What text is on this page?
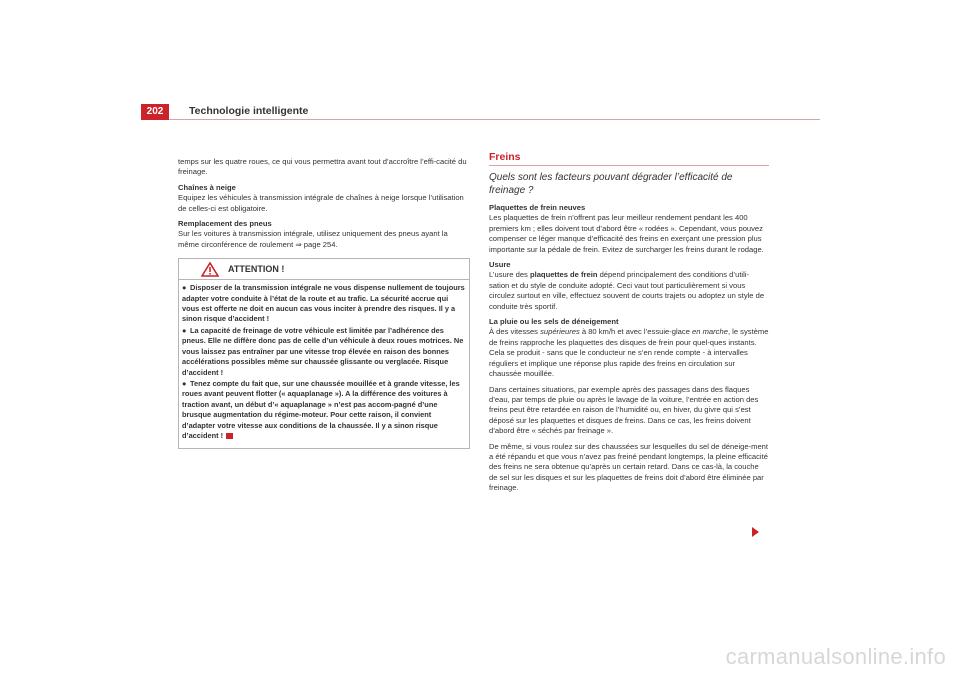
202	Technologie intelligente

temps sur les quatre roues, ce qui vous permettra avant tout d’accroître l’effi-cacité du freinage.

Chaînes à neige
Equipez les véhicules à transmission intégrale de chaînes à neige lorsque l’utilisation de celles-ci est obligatoire.

Remplacement des pneus
Sur les voitures à transmission intégrale, utilisez uniquement des pneus ayant la même circonférence de roulement ⇒ page 254.

ATTENTION !
● Disposer de la transmission intégrale ne vous dispense nullement de toujours adapter votre conduite à l’état de la route et au trafic. La sécurité accrue qui vous est offerte ne doit en aucun cas vous inciter à prendre des risques. Il y a sinon risque d’accident !
● La capacité de freinage de votre véhicule est limitée par l’adhérence des pneus. Elle ne diffère donc pas de celle d’un véhicule à deux roues motrices. Ne vous laissez pas entraîner par une vitesse trop élevée en raison des bonnes accélérations possibles même sur chaussée glissante ou verglacée. Risque d’accident !
● Tenez compte du fait que, sur une chaussée mouillée et à grande vitesse, les roues avant peuvent flotter (« aquaplanage »). A la différence des voitures à traction avant, un début d’« aquaplanage » n’est pas accom-pagné d’une brusque augmentation du régime-moteur. Pour cette raison, il convient d’adapter votre vitesse aux conditions de la chaussée. Il y a sinon risque d’accident !
Freins
Quels sont les facteurs pouvant dégrader l’efficacité de freinage ?

Plaquettes de frein neuves
Les plaquettes de frein n’offrent pas leur meilleur rendement pendant les 400 premiers km ; elles doivent tout d’abord être « rodées ». Cependant, vous pouvez compenser ce léger manque d’efficacité des freins en exerçant une pression plus importante sur la pédale de frein. Evitez de surcharger les freins durant le rodage.

Usure
L’usure des plaquettes de frein dépend principalement des conditions d’utili-sation et du style de conduite adopté. Ceci vaut tout particulièrement si vous circulez surtout en ville, effectuez souvent de courts trajets ou adoptez un style de conduite très sportif.

La pluie ou les sels de déneigement
À des vitesses supérieures à 80 km/h et avec l’essuie-glace en marche, le système de freins rapproche les plaquettes des disques de frein pour quel-ques instants. Cela se produit - sans que le conducteur ne s’en rende compte - à intervalles réguliers et implique une réponse plus rapide des freins en circulation sur chaussée mouillée.

Dans certaines situations, par exemple après des passages dans des flaques d’eau, par temps de pluie ou après le lavage de la voiture, l’entrée en action des freins peut être retardée en raison de l’humidité ou, en hiver, du givre qui s’est déposé sur les plaquettes et disques de freins. Dans ce cas, les freins doivent d’abord être « séchés par freinage ».

De même, si vous roulez sur des chaussées sur lesquelles du sel de déneige-ment a été répandu et que vous n’avez pas freiné pendant longtemps, la pleine efficacité des freins ne sera obtenue qu’après un certain retard. Dans ce cas-là, la couche de sel sur les disques et sur les plaquettes de freins doit d’abord être éliminée par freinage.

carmanualsonline.info
